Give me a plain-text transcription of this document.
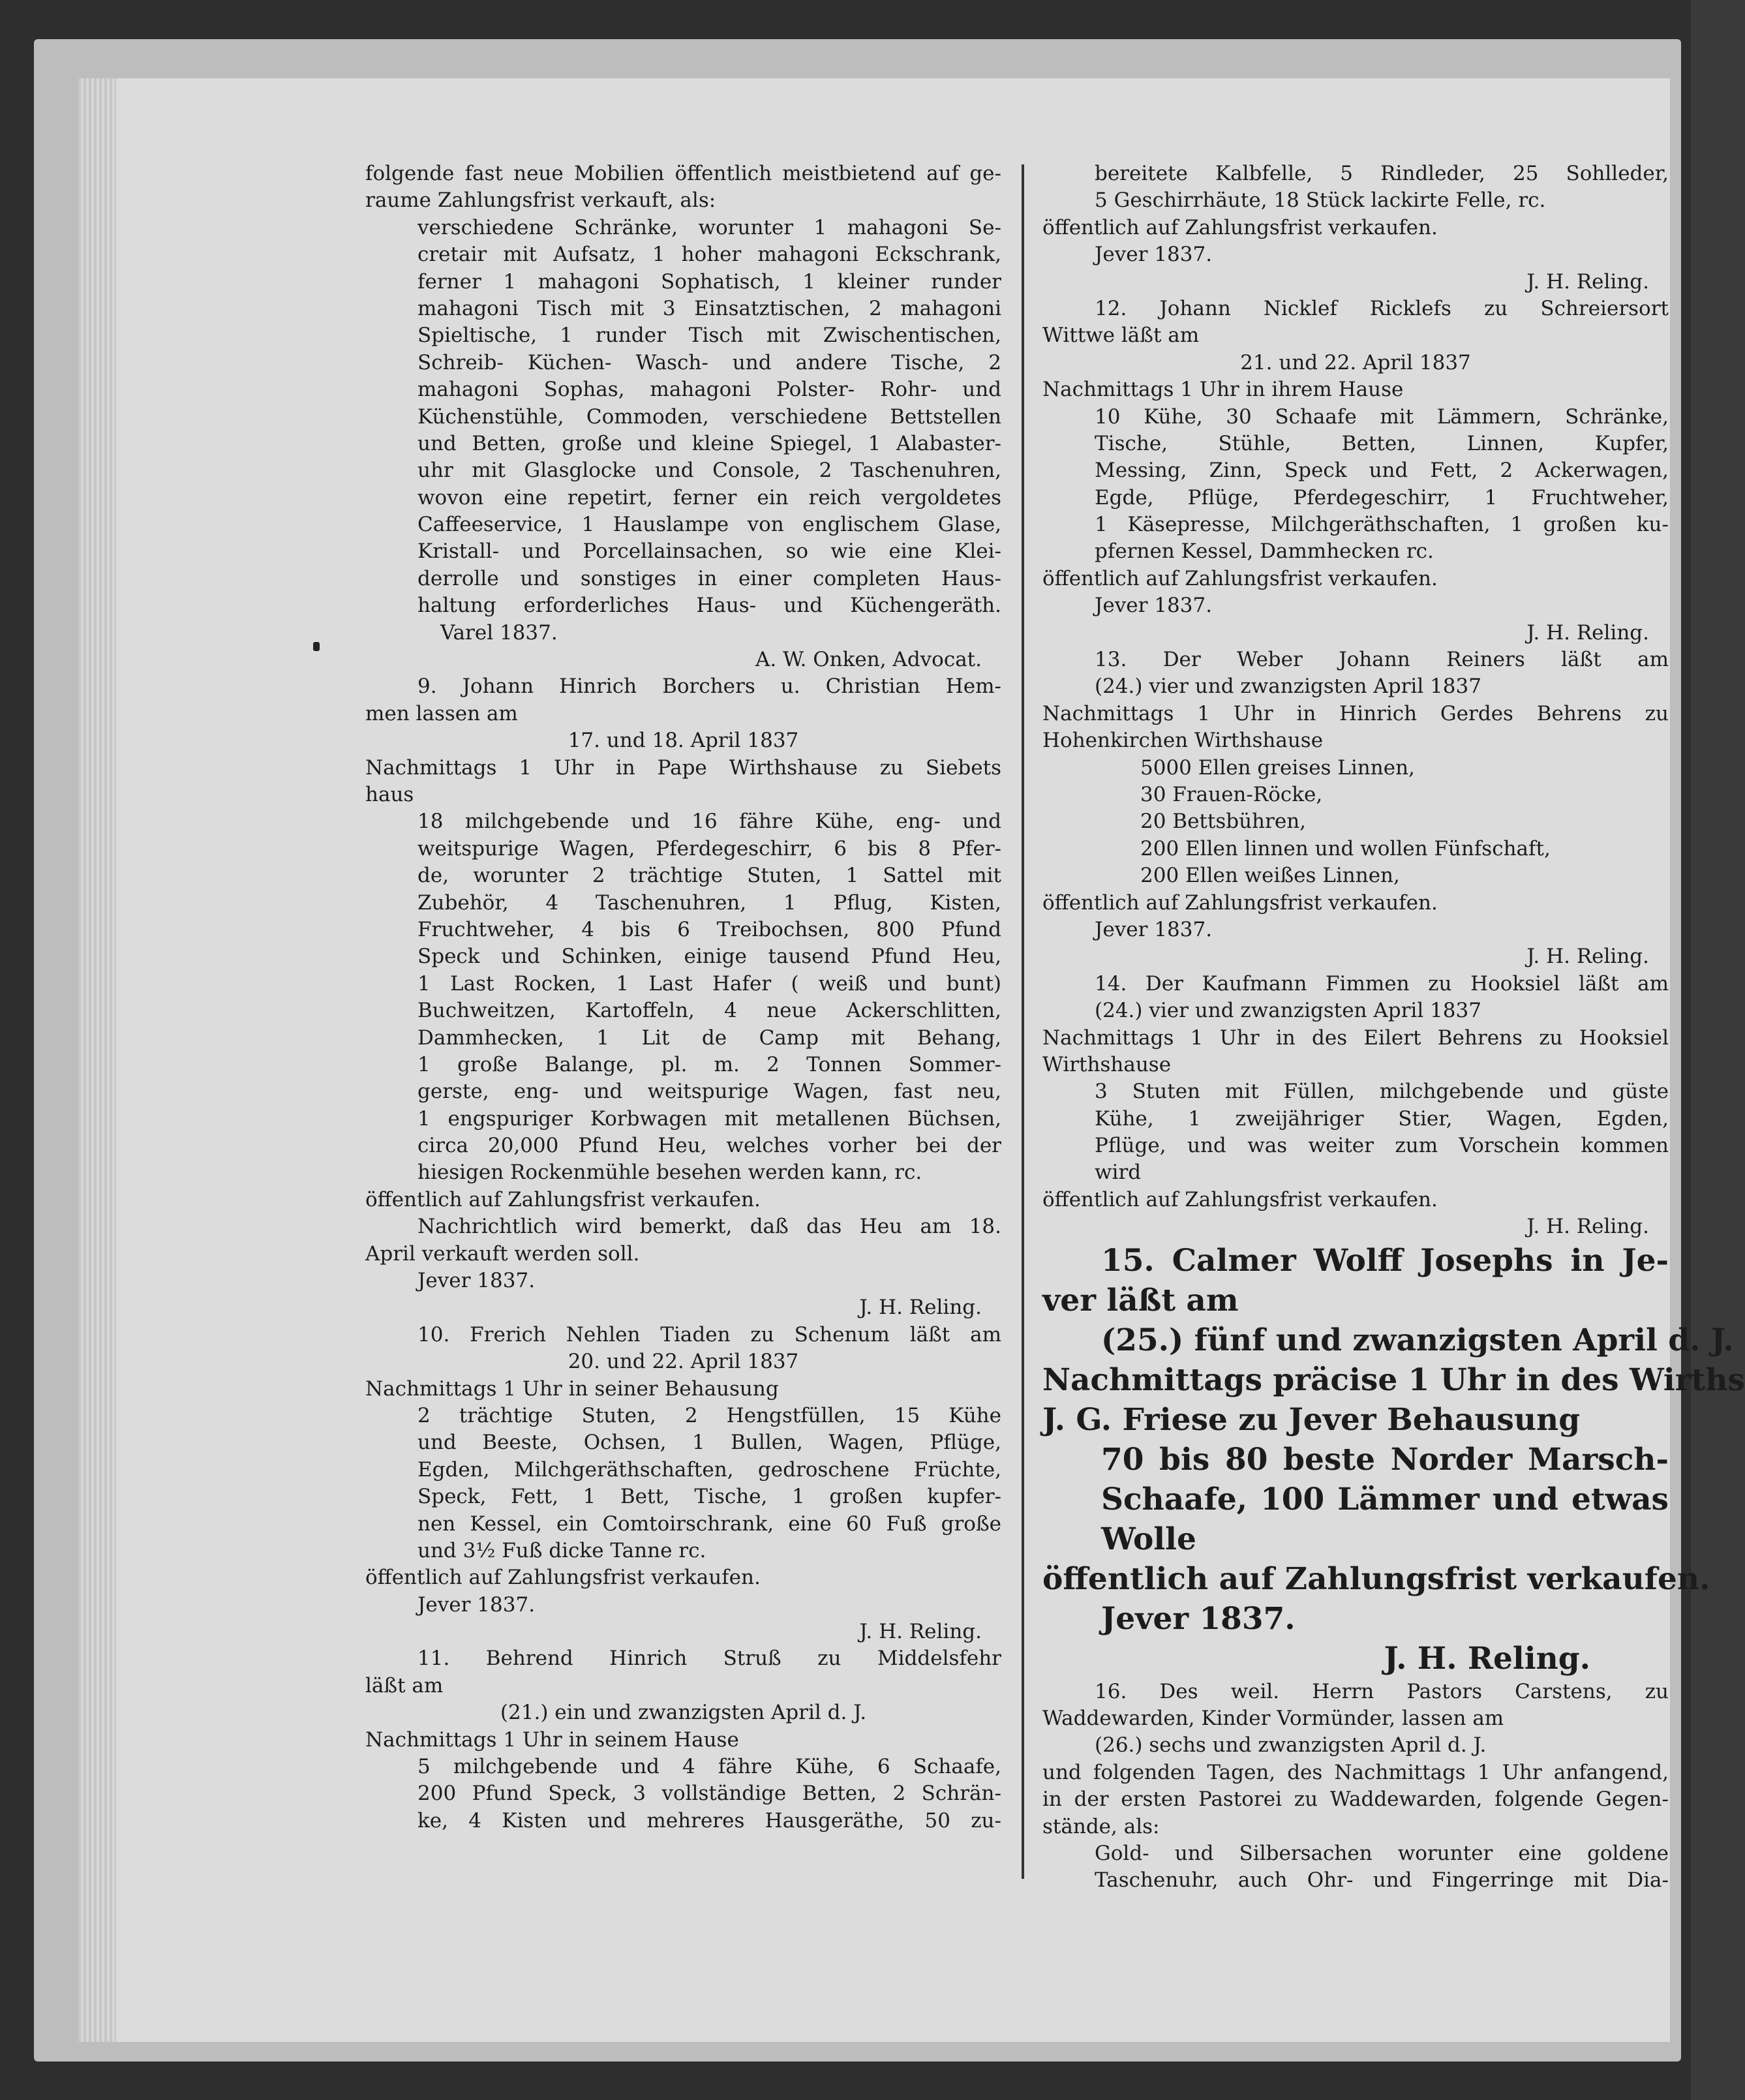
folgende fast neue Mobilien öffentlich meistbietend auf ge-
raume Zahlungsfrist verkauft, als:
verschiedene Schränke, worunter 1 mahagoni Se-
cretair mit Aufsatz, 1 hoher mahagoni Eckschrank,
ferner 1 mahagoni Sophatisch, 1 kleiner runder
mahagoni Tisch mit 3 Einsatztischen, 2 mahagoni
Spieltische, 1 runder Tisch mit Zwischentischen,
Schreib- Küchen- Wasch- und andere Tische, 2
mahagoni Sophas, mahagoni Polster- Rohr- und
Küchenstühle, Commoden, verschiedene Bettstellen
und Betten, große und kleine Spiegel, 1 Alabaster-
uhr mit Glasglocke und Console, 2 Taschenuhren,
wovon eine repetirt, ferner ein reich vergoldetes
Caffeeservice, 1 Hauslampe von englischem Glase,
Kristall- und Porcellainsachen, so wie eine Klei-
derrolle und sonstiges in einer completen Haus-
haltung erforderliches Haus- und Küchengeräth.
Varel 1837.
A. W. Onken, Advocat.
9. Johann Hinrich Borchers u. Christian Hem-
men lassen am
17. und 18. April 1837
Nachmittags 1 Uhr in Pape Wirthshause zu Siebets
haus
18 milchgebende und 16 fähre Kühe, eng- und
weitspurige Wagen, Pferdegeschirr, 6 bis 8 Pfer-
de, worunter 2 trächtige Stuten, 1 Sattel mit
Zubehör, 4 Taschenuhren, 1 Pflug, Kisten,
Fruchtweher, 4 bis 6 Treibochsen, 800 Pfund
Speck und Schinken, einige tausend Pfund Heu,
1 Last Rocken, 1 Last Hafer ( weiß und bunt)
Buchweitzen, Kartoffeln, 4 neue Ackerschlitten,
Dammhecken, 1 Lit de Camp mit Behang,
1 große Balange, pl. m. 2 Tonnen Sommer-
gerste, eng- und weitspurige Wagen, fast neu,
1 engspuriger Korbwagen mit metallenen Büchsen,
circa 20,000 Pfund Heu, welches vorher bei der
hiesigen Rockenmühle besehen werden kann, rc.
öffentlich auf Zahlungsfrist verkaufen.
Nachrichtlich wird bemerkt, daß das Heu am 18.
April verkauft werden soll.
Jever 1837.
J. H. Reling.
10. Frerich Nehlen Tiaden zu Schenum läßt am
20. und 22. April 1837
Nachmittags 1 Uhr in seiner Behausung
2 trächtige Stuten, 2 Hengstfüllen, 15 Kühe
und Beeste, Ochsen, 1 Bullen, Wagen, Pflüge,
Egden, Milchgeräthschaften, gedroschene Früchte,
Speck, Fett, 1 Bett, Tische, 1 großen kupfer-
nen Kessel, ein Comtoirschrank, eine 60 Fuß große
und 3½ Fuß dicke Tanne rc.
öffentlich auf Zahlungsfrist verkaufen.
Jever 1837.
J. H. Reling.
11. Behrend Hinrich Struß zu Middelsfehr
läßt am
(21.) ein und zwanzigsten April d. J.
Nachmittags 1 Uhr in seinem Hause
5 milchgebende und 4 fähre Kühe, 6 Schaafe,
200 Pfund Speck, 3 vollständige Betten, 2 Schrän-
ke, 4 Kisten und mehreres Hausgeräthe, 50 zu-
bereitete Kalbfelle, 5 Rindleder, 25 Sohlleder,
5 Geschirrhäute, 18 Stück lackirte Felle, rc.
öffentlich auf Zahlungsfrist verkaufen.
Jever 1837.
J. H. Reling.
12. Johann Nicklef Ricklefs zu Schreiersort
Wittwe läßt am
21. und 22. April 1837
Nachmittags 1 Uhr in ihrem Hause
10 Kühe, 30 Schaafe mit Lämmern, Schränke,
Tische, Stühle, Betten, Linnen, Kupfer,
Messing, Zinn, Speck und Fett, 2 Ackerwagen,
Egde, Pflüge, Pferdegeschirr, 1 Fruchtweher,
1 Käsepresse, Milchgeräthschaften, 1 großen ku-
pfernen Kessel, Dammhecken rc.
öffentlich auf Zahlungsfrist verkaufen.
Jever 1837.
J. H. Reling.
13. Der Weber Johann Reiners läßt am
(24.) vier und zwanzigsten April 1837
Nachmittags 1 Uhr in Hinrich Gerdes Behrens zu
Hohenkirchen Wirthshause
5000 Ellen greises Linnen,
30 Frauen-Röcke,
20 Bettsbühren,
200 Ellen linnen und wollen Fünfschaft,
200 Ellen weißes Linnen,
öffentlich auf Zahlungsfrist verkaufen.
Jever 1837.
J. H. Reling.
14. Der Kaufmann Fimmen zu Hooksiel läßt am
(24.) vier und zwanzigsten April 1837
Nachmittags 1 Uhr in des Eilert Behrens zu Hooksiel
Wirthshause
3 Stuten mit Füllen, milchgebende und güste
Kühe, 1 zweijähriger Stier, Wagen, Egden,
Pflüge, und was weiter zum Vorschein kommen
wird
öffentlich auf Zahlungsfrist verkaufen.
J. H. Reling.
15. Calmer Wolff Josephs in Je-
ver läßt am
(25.) fünf und zwanzigsten April d. J.
Nachmittags präcise 1 Uhr in des Wirths
J. G. Friese zu Jever Behausung
70 bis 80 beste Norder Marsch-
Schaafe, 100 Lämmer und etwas
Wolle
öffentlich auf Zahlungsfrist verkaufen.
Jever 1837.
J. H. Reling.
16. Des weil. Herrn Pastors Carstens, zu
Waddewarden, Kinder Vormünder, lassen am
(26.) sechs und zwanzigsten April d. J.
und folgenden Tagen, des Nachmittags 1 Uhr anfangend,
in der ersten Pastorei zu Waddewarden, folgende Gegen-
stände, als:
Gold- und Silbersachen worunter eine goldene
Taschenuhr, auch Ohr- und Fingerringe mit Dia-
